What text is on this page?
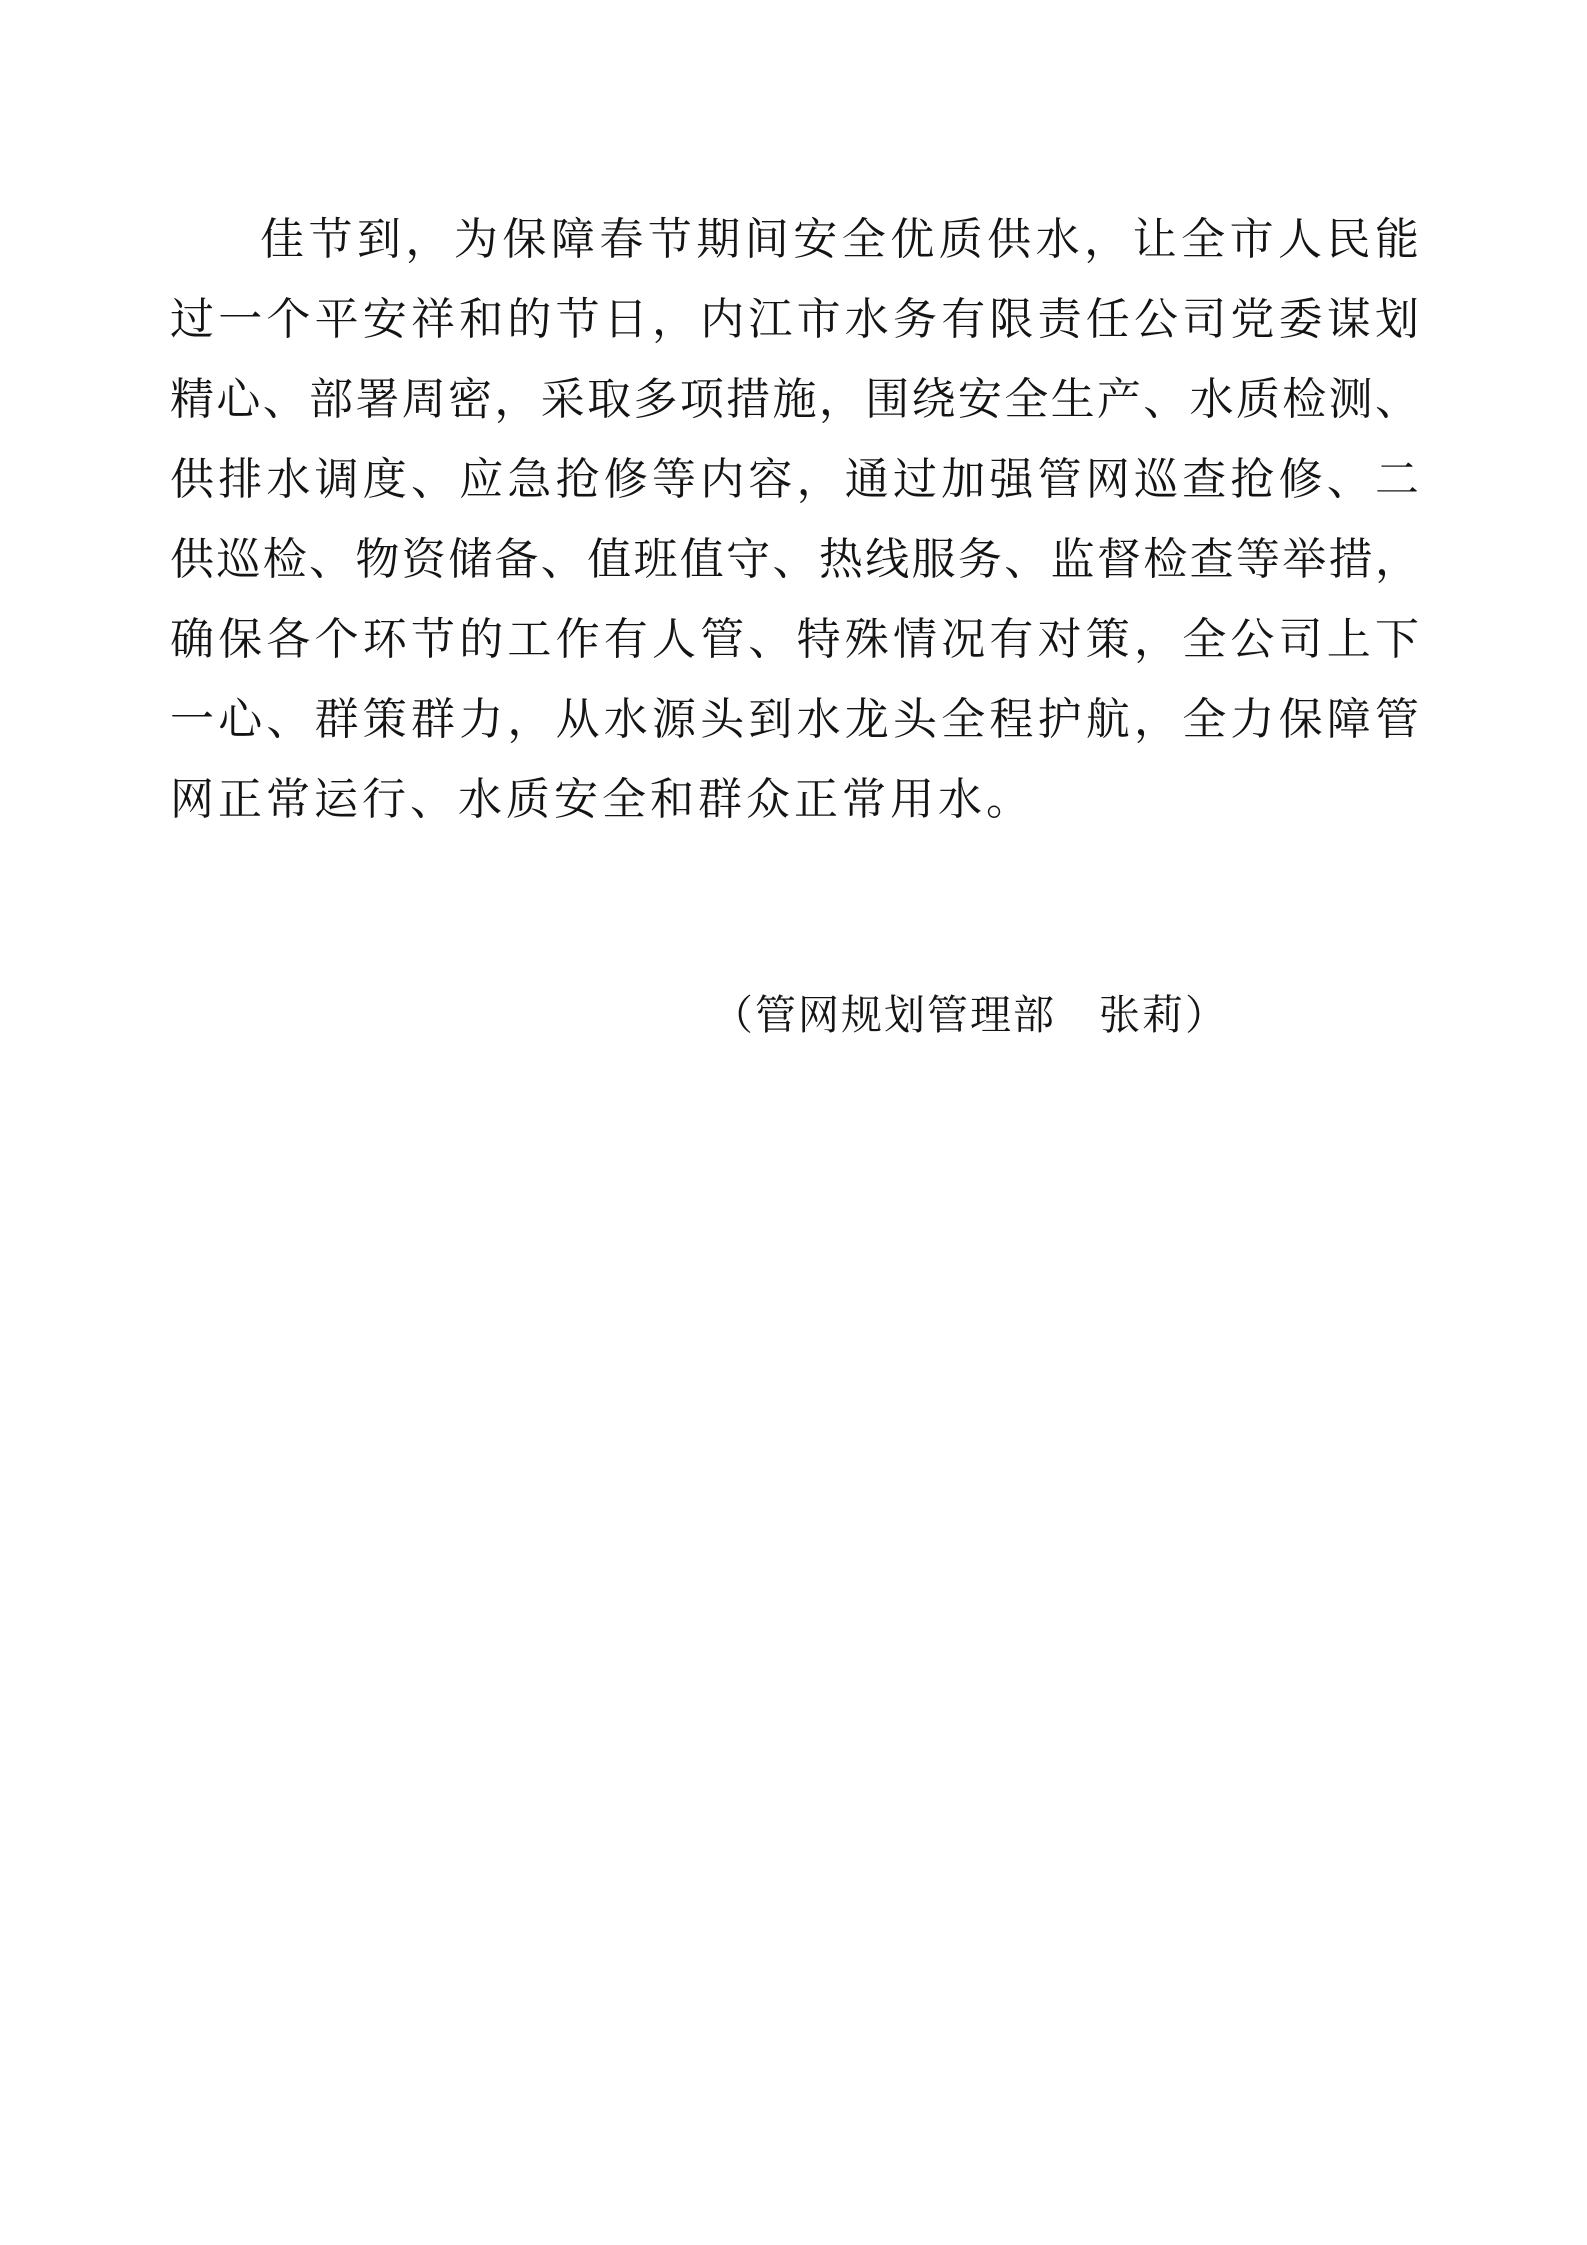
佳节到，为保障春节期间安全优质供水，让全市人民能
过一个平安祥和的节日，内江市水务有限责任公司党委谋划
精心、部署周密，采取多项措施，围绕安全生产、水质检测、
供排水调度、应急抢修等内容，通过加强管网巡查抢修、二
供巡检、物资储备、值班值守、热线服务、监督检查等举措，
确保各个环节的工作有人管、特殊情况有对策，全公司上下
一心、群策群力，从水源头到水龙头全程护航，全力保障管
网正常运行、水质安全和群众正常用水。
（管网规划管理部　张莉）
